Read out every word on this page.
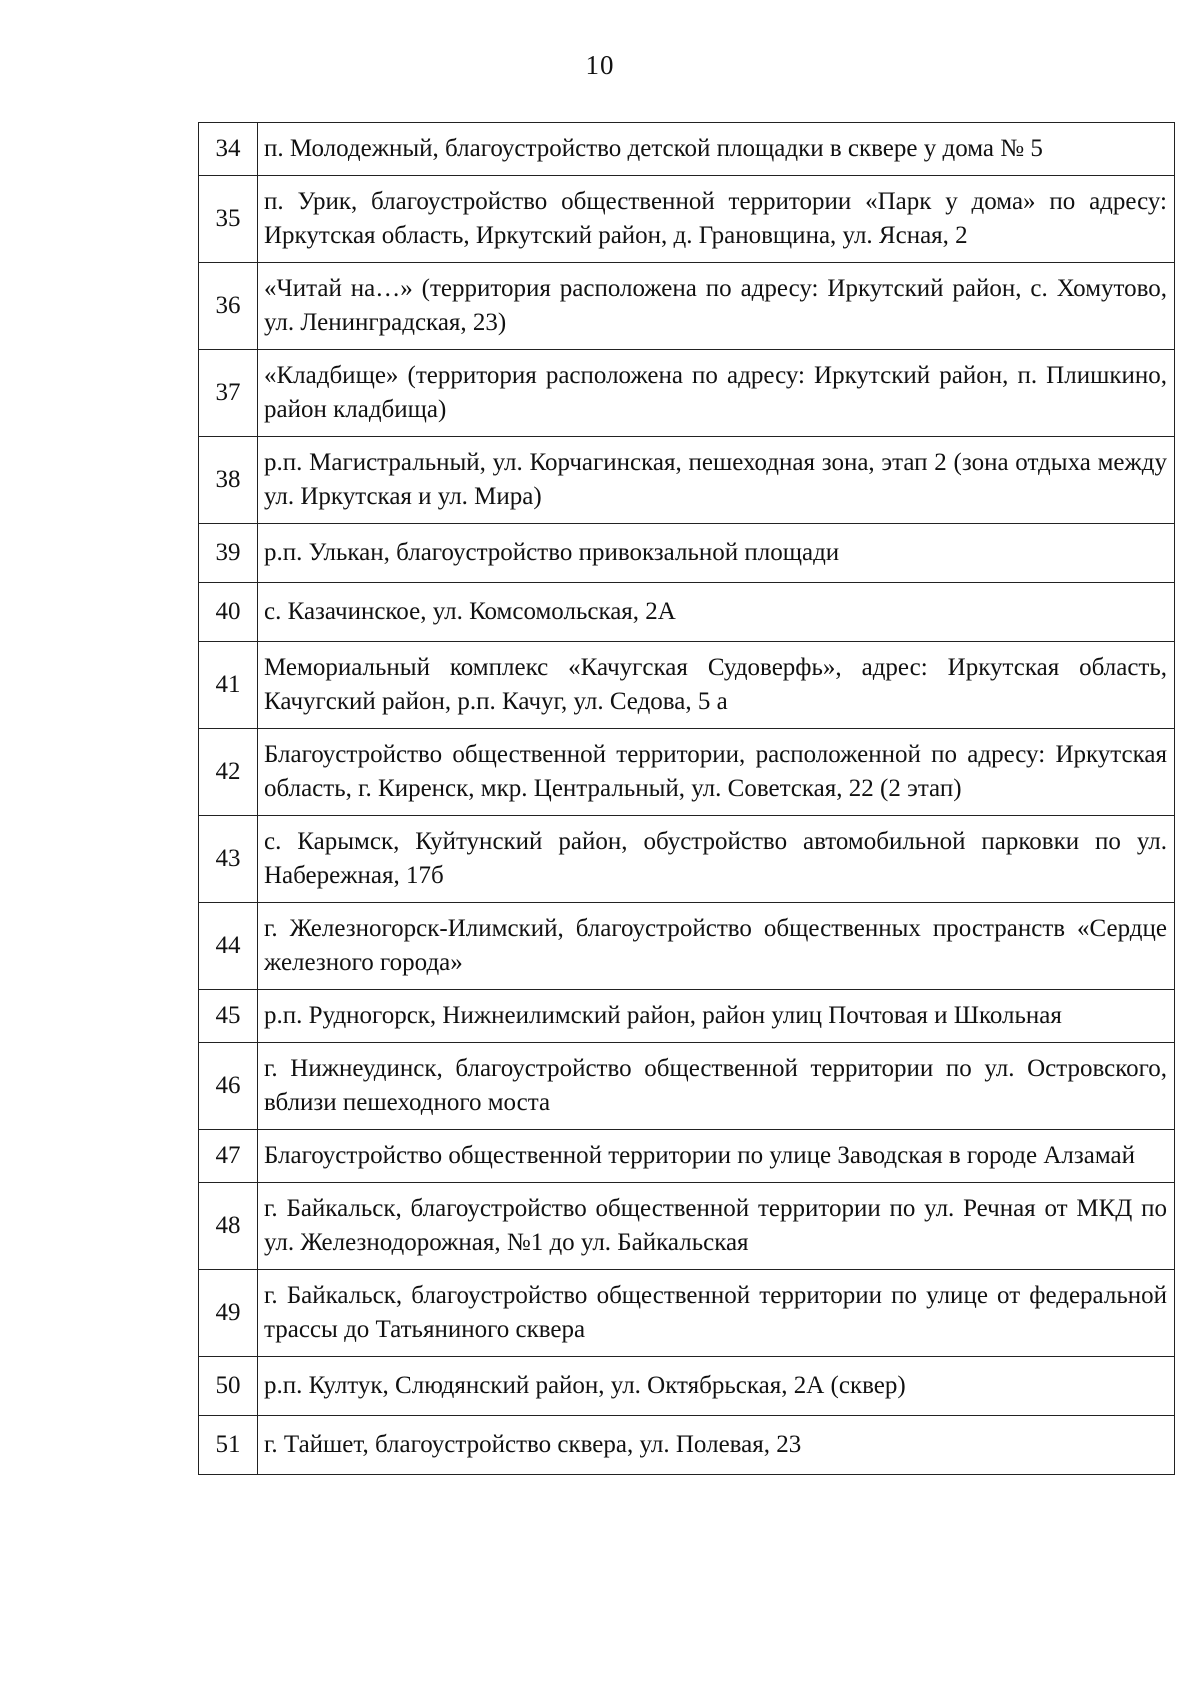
10
34	п. Молодежный, благоустройство детской площадки в сквере у дома № 5
35	п. Урик, благоустройство общественной территории «Парк у дома» по адресу: Иркутская область, Иркутский район, д. Грановщина, ул. Ясная, 2
36	«Читай на…» (территория расположена по адресу: Иркутский район, с. Хомутово, ул. Ленинградская, 23)
37	«Кладбище» (территория расположена по адресу: Иркутский район, п. Плишкино, район кладбища)
38	р.п. Магистральный, ул. Корчагинская, пешеходная зона, этап 2 (зона отдыха между ул. Иркутская и ул. Мира)
39	р.п. Улькан, благоустройство привокзальной площади
40	с. Казачинское, ул. Комсомольская, 2А
41	Мемориальный комплекс «Качугская Судоверфь», адрес: Иркутская область, Качугский район, р.п. Качуг, ул. Седова, 5 а
42	Благоустройство общественной территории, расположенной по адресу: Иркутская область, г. Киренск, мкр. Центральный, ул. Советская, 22 (2 этап)
43	с. Карымск, Куйтунский район, обустройство автомобильной парковки по ул. Набережная, 17б
44	г. Железногорск-Илимский, благоустройство общественных пространств «Сердце железного города»
45	р.п. Рудногорск, Нижнеилимский район, район улиц Почтовая и Школьная
46	г. Нижнеудинск, благоустройство общественной территории по ул. Островского, вблизи пешеходного моста
47	Благоустройство общественной территории по улице Заводская в городе Алзамай
48	г. Байкальск, благоустройство общественной территории по ул. Речная от МКД по ул. Железнодорожная, №1 до ул. Байкальская
49	г. Байкальск, благоустройство общественной территории по улице от федеральной трассы до Татьяниного сквера
50	р.п. Култук, Слюдянский район, ул. Октябрьская, 2А (сквер)
51	г. Тайшет, благоустройство сквера, ул. Полевая, 23
